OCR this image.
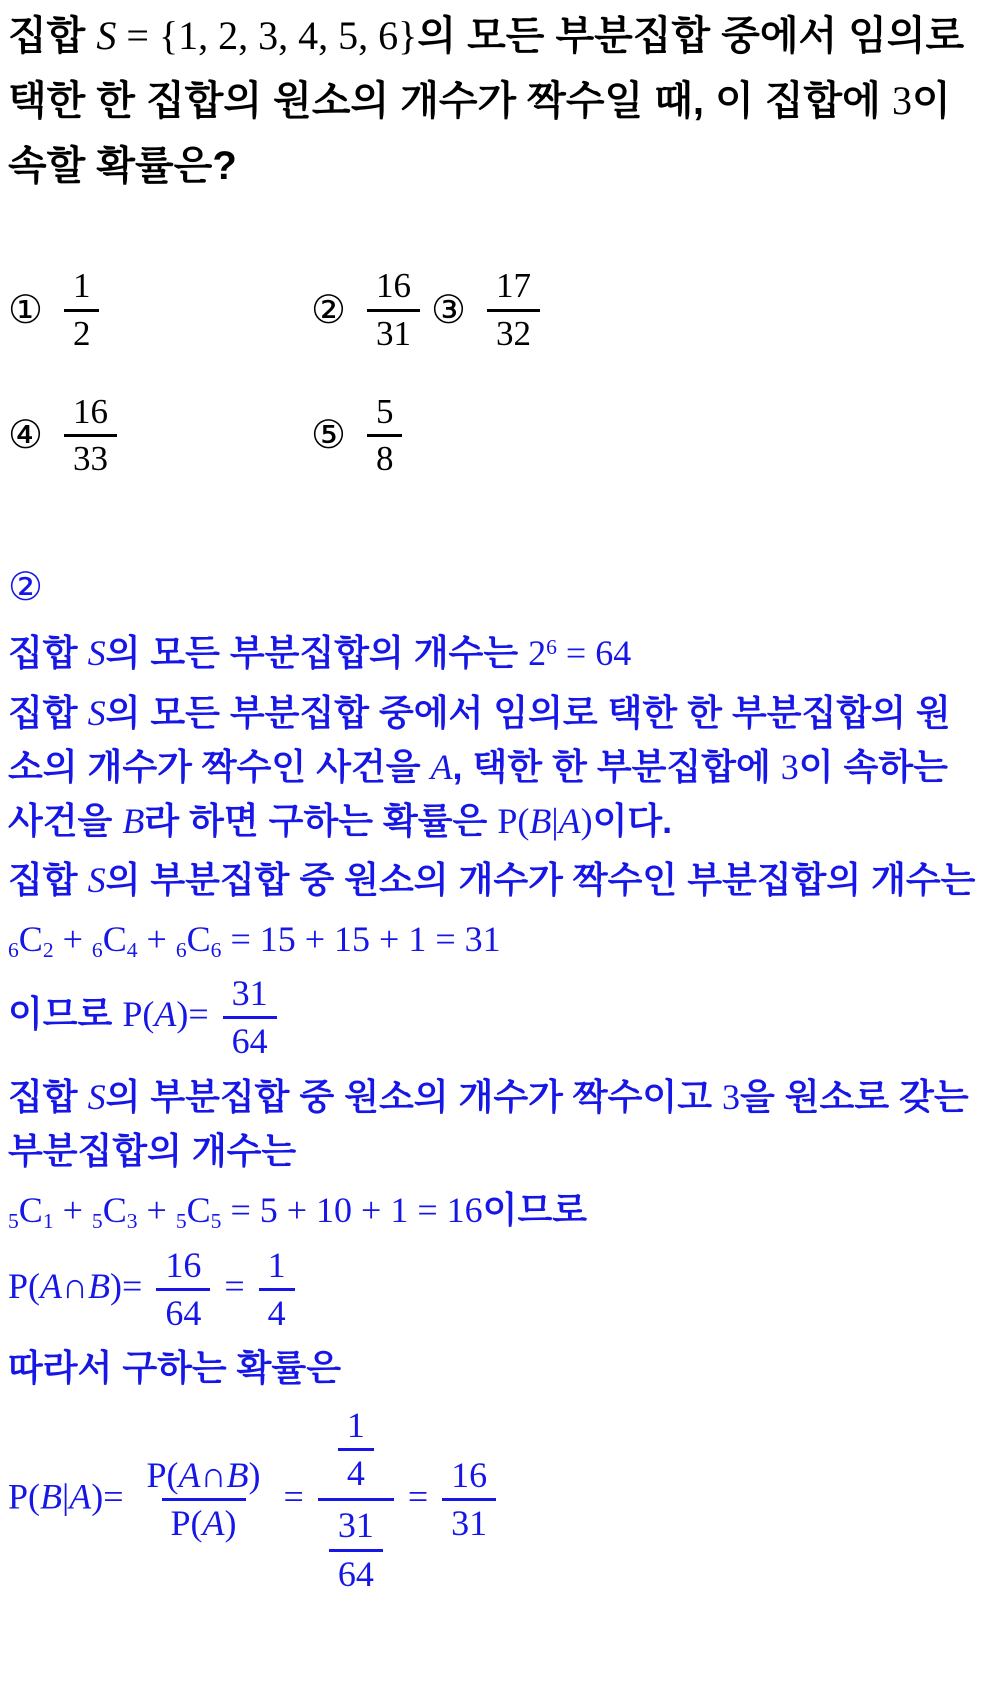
집합 S = {1, 2, 3, 4, 5, 6}의 모든 부분집합 중에서 임의로 택한 한 집합의 원소의 개수가 짝수일 때, 이 집합에 3이 속할 확률은?

① $\frac{1}{2}$	② $\frac{16}{31}$ ③ $\frac{17}{32}$
④ $\frac{16}{33}$	⑤ $\frac{5}{8}$

②

집합 S의 모든 부분집합의 개수는 $2^6 = 64$

집합 S의 모든 부분집합 중에서 임의로 택한 한 부분집합의 원소의 개수가 짝수인 사건을 A, 택한 한 부분집합에 3이 속하는 사건을 B라 하면 구하는 확률은 P(B|A)이다.

집합 S의 부분집합 중 원소의 개수가 짝수인 부분집합의 개수는

6C2 + 6C4 + 6C6 = 15 + 15 + 1 = 31

이므로 $P(A)= \frac{31}{64}$

집합 S의 부분집합 중 원소의 개수가 짝수이고 3을 원소로 갖는 부분집합의 개수는

5C1 + 5C3 + 5C5 = 5 + 10 + 1 = 16이므로

P(A∩B)= $\frac{16}{64} = \frac{1}{4}$

따라서 구하는 확률은

$P(B|A)= \frac{P(A\cap B)}{P(A)} = \frac{\frac{1}{4}}{\frac{31}{64}} = \frac{16}{31}$
